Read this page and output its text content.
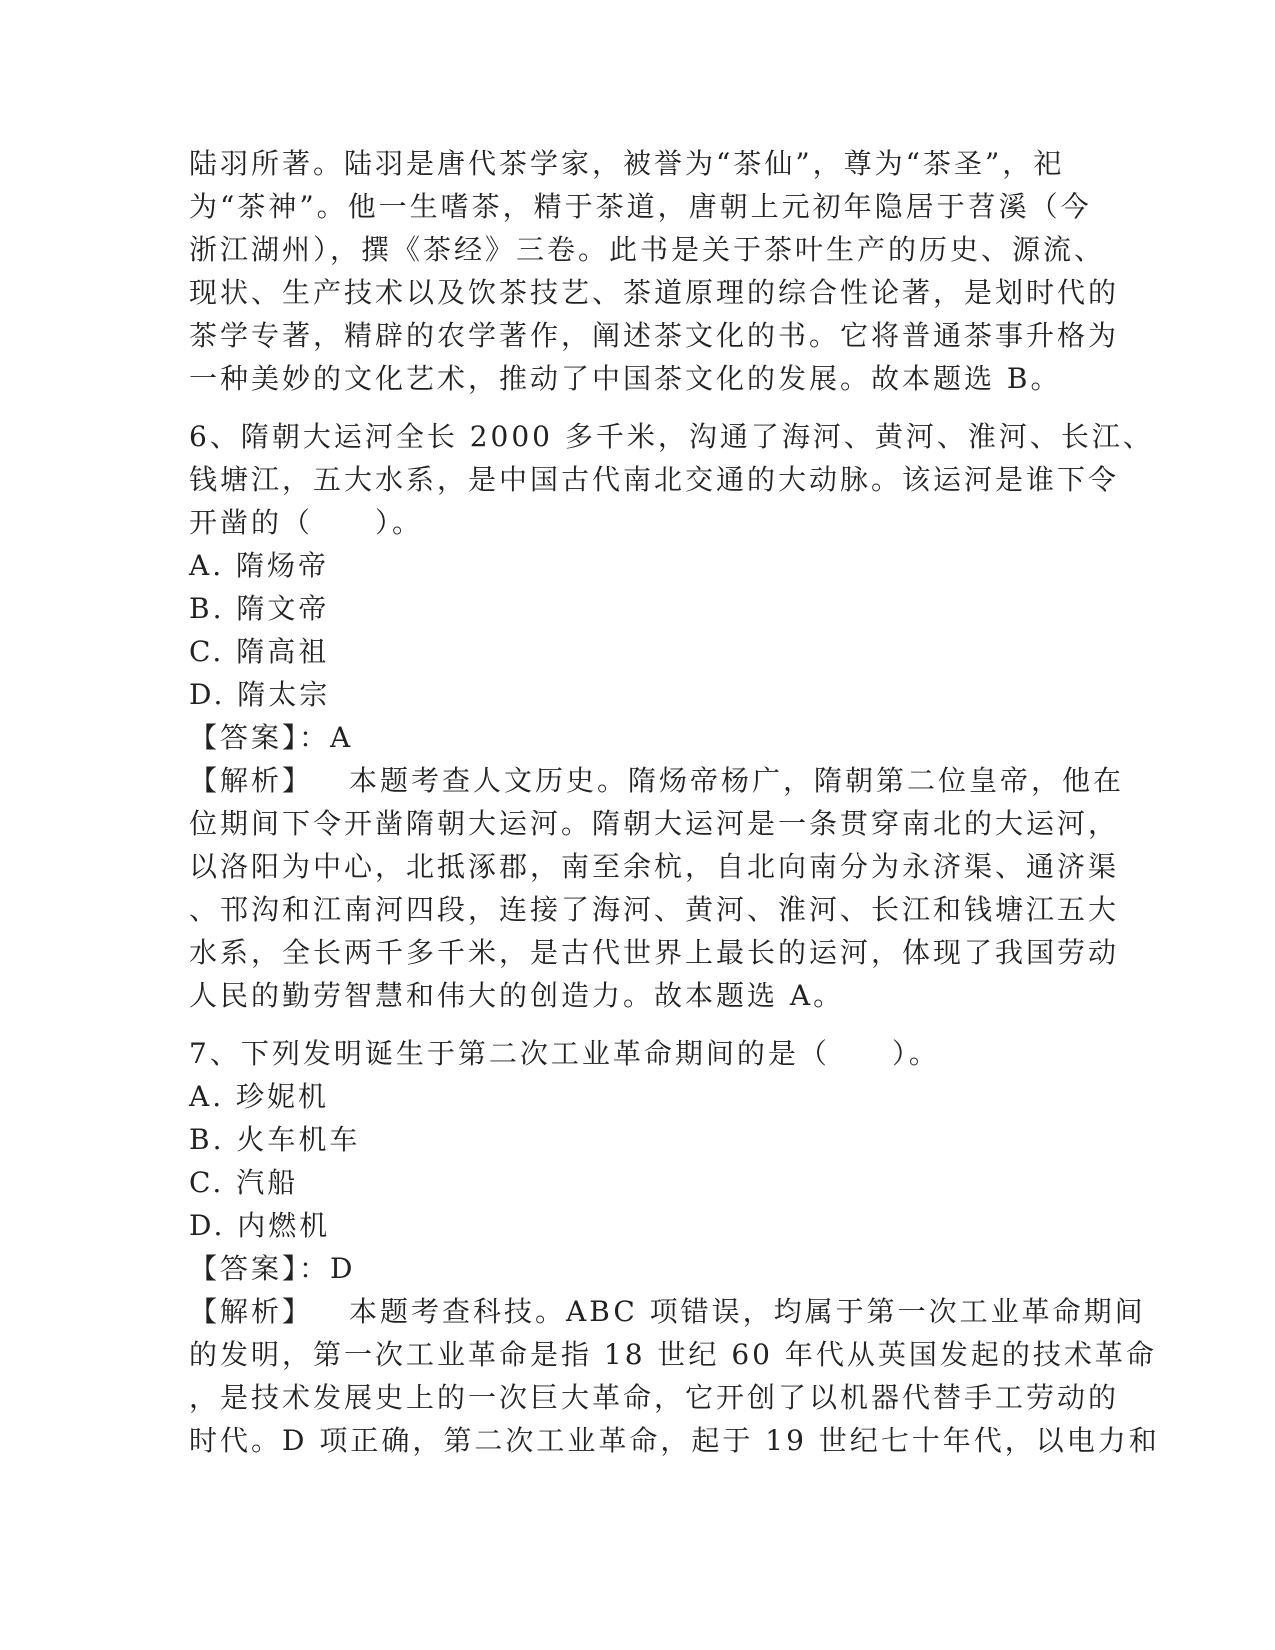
陆羽所著。陆羽是唐代茶学家，被誉为“茶仙”，尊为“茶圣”，祀
为“茶神”。他一生嗜茶，精于茶道，唐朝上元初年隐居于苕溪（今
浙江湖州），撰《茶经》三卷。此书是关于茶叶生产的历史、源流、
现状、生产技术以及饮茶技艺、茶道原理的综合性论著，是划时代的
茶学专著，精辟的农学著作，阐述茶文化的书。它将普通茶事升格为
一种美妙的文化艺术，推动了中国茶文化的发展。故本题选 B。
6、隋朝大运河全长 2000 多千米，沟通了海河、黄河、淮河、长江、
钱塘江，五大水系，是中国古代南北交通的大动脉。该运河是谁下令
开凿的（　　）。
A. 隋炀帝
B. 隋文帝
C. 隋高祖
D. 隋太宗
【答案】：A
【解析】 本题考查人文历史。隋炀帝杨广，隋朝第二位皇帝，他在
位期间下令开凿隋朝大运河。隋朝大运河是一条贯穿南北的大运河，
以洛阳为中心，北抵涿郡，南至余杭，自北向南分为永济渠、通济渠
、邗沟和江南河四段，连接了海河、黄河、淮河、长江和钱塘江五大
水系，全长两千多千米，是古代世界上最长的运河，体现了我国劳动
人民的勤劳智慧和伟大的创造力。故本题选 A。
7、下列发明诞生于第二次工业革命期间的是（　　）。
A. 珍妮机
B. 火车机车
C. 汽船
D. 内燃机
【答案】：D
【解析】 本题考查科技。ABC 项错误，均属于第一次工业革命期间
的发明，第一次工业革命是指 18 世纪 60 年代从英国发起的技术革命
，是技术发展史上的一次巨大革命，它开创了以机器代替手工劳动的
时代。D 项正确，第二次工业革命，起于 19 世纪七十年代，以电力和
